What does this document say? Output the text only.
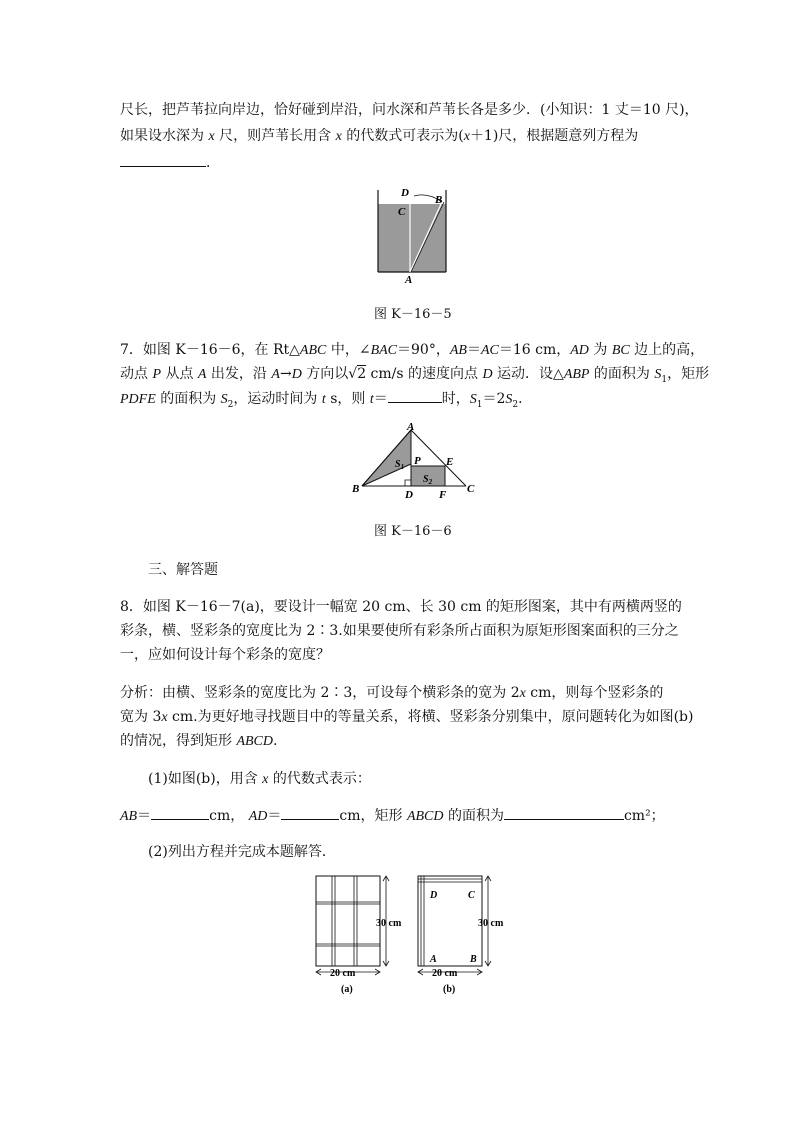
尺长，把芦苇拉向岸边，恰好碰到岸沿，问水深和芦苇长各是多少．(小知识：1 丈＝10 尺)，
如果设水深为 x 尺，则芦苇长用含 x 的代数式可表示为(x＋1)尺，根据题意列方程为
．
D
C
B
A
图 K－16－5
7．如图 K－16－6，在 Rt△ABC 中，∠BAC＝90°，AB＝AC＝16 cm，AD 为 BC 边上的高，
动点 P 从点 A 出发，沿 A→D 方向以√2 cm/s 的速度向点 D 运动．设△ABP 的面积为 $S_1$，矩形
PDFE 的面积为 $S_2$，运动时间为 t s，则 t＝	时，$S_1=2S_2$．
A
B	C
D
E
F
P
$S_1$
$S_2$
图 K－16－6
三、解答题
8．如图 K－16－7(a)，要设计一幅宽 20 cm、长 30 cm 的矩形图案，其中有两横两竖的
彩条，横、竖彩条的宽度比为 2∶3.如果要使所有彩条所占面积为原矩形图案面积的三分之
一，应如何设计每个彩条的宽度？
分析：由横、竖彩条的宽度比为 2∶3，可设每个横彩条的宽为 2x cm，则每个竖彩条的
宽为 3x cm.为更好地寻找题目中的等量关系，将横、竖彩条分别集中，原问题转化为如图(b)
的情况，得到矩形 ABCD.
(1)如图(b)，用含 x 的代数式表示：
AB＝	cm， AD＝	cm，矩形 ABCD 的面积为	cm²；
(2)列出方程并完成本题解答．
30 cm
20 cm
(a)
D	C
A	B
30 cm
20 cm
(b)
